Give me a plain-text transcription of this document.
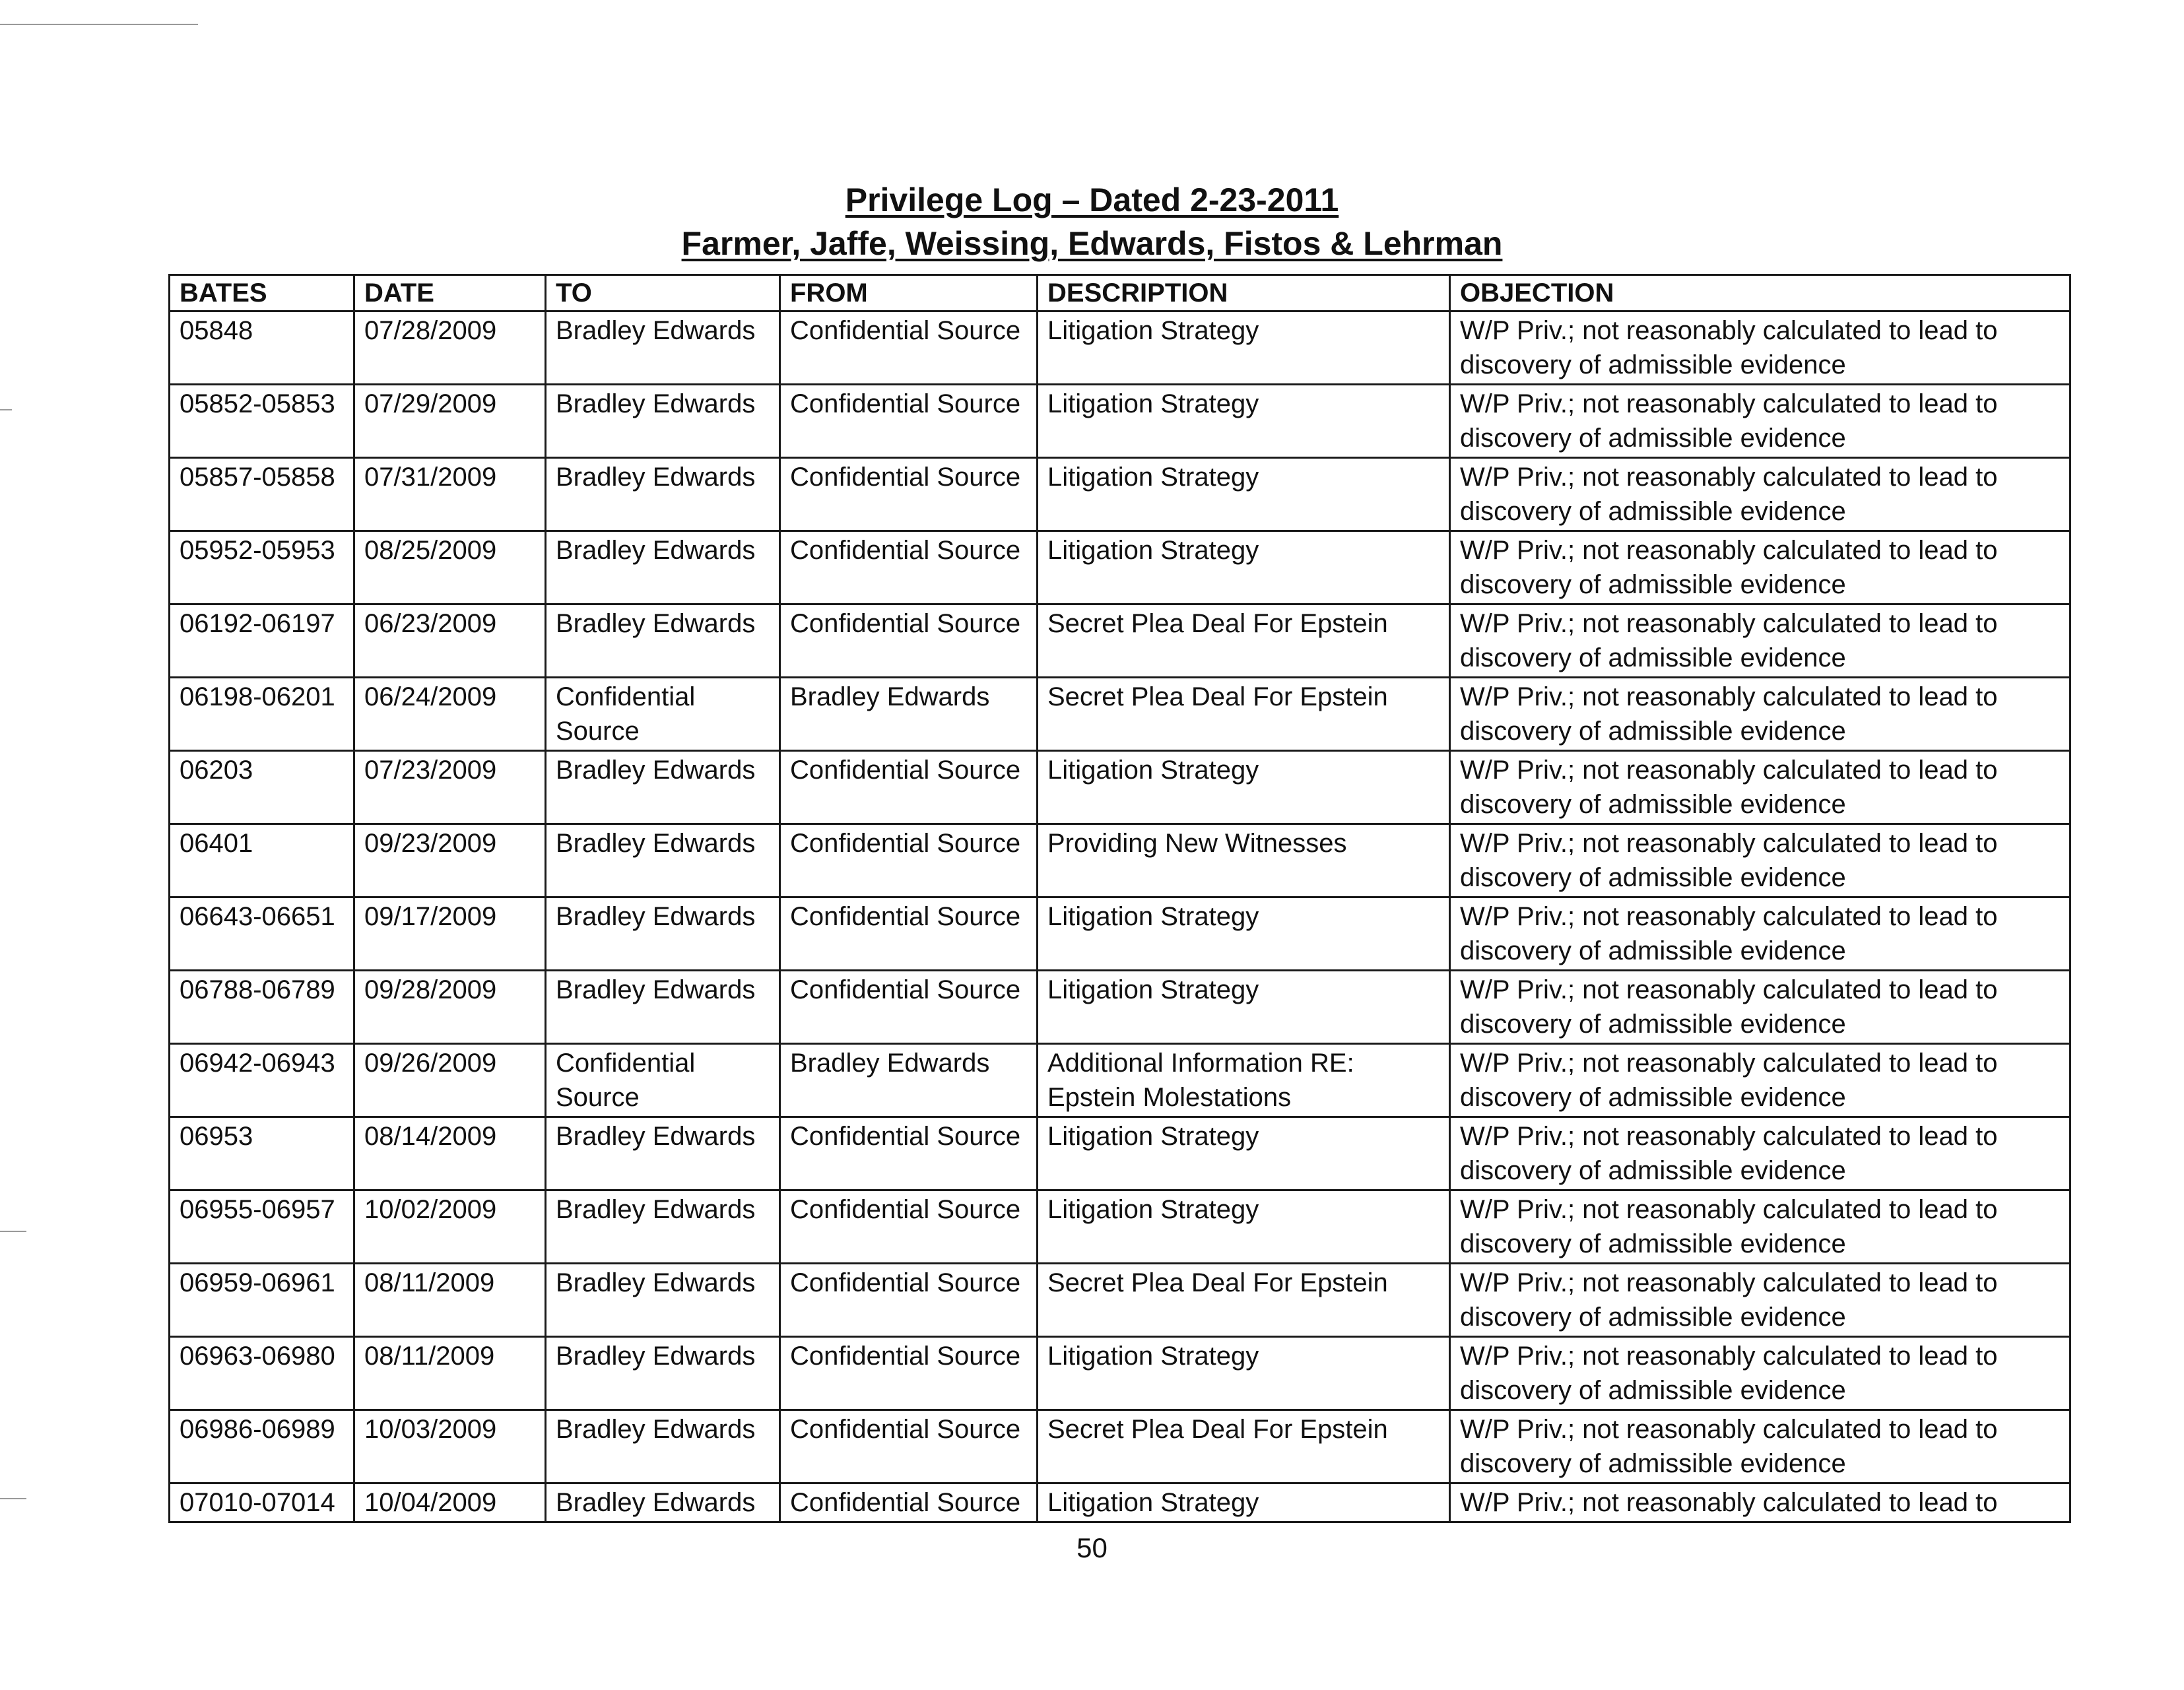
Privilege Log – Dated 2-23-2011
Farmer, Jaffe, Weissing, Edwards, Fistos & Lehrman
BATES	DATE	TO	FROM	DESCRIPTION	OBJECTION
05848	07/28/2009	Bradley Edwards	Confidential Source	Litigation Strategy	W/P Priv.; not reasonably calculated to lead to discovery of admissible evidence
05852-05853	07/29/2009	Bradley Edwards	Confidential Source	Litigation Strategy	W/P Priv.; not reasonably calculated to lead to discovery of admissible evidence
05857-05858	07/31/2009	Bradley Edwards	Confidential Source	Litigation Strategy	W/P Priv.; not reasonably calculated to lead to discovery of admissible evidence
05952-05953	08/25/2009	Bradley Edwards	Confidential Source	Litigation Strategy	W/P Priv.; not reasonably calculated to lead to discovery of admissible evidence
06192-06197	06/23/2009	Bradley Edwards	Confidential Source	Secret Plea Deal For Epstein	W/P Priv.; not reasonably calculated to lead to discovery of admissible evidence
06198-06201	06/24/2009	Confidential Source	Bradley Edwards	Secret Plea Deal For Epstein	W/P Priv.; not reasonably calculated to lead to discovery of admissible evidence
06203	07/23/2009	Bradley Edwards	Confidential Source	Litigation Strategy	W/P Priv.; not reasonably calculated to lead to discovery of admissible evidence
06401	09/23/2009	Bradley Edwards	Confidential Source	Providing New Witnesses	W/P Priv.; not reasonably calculated to lead to discovery of admissible evidence
06643-06651	09/17/2009	Bradley Edwards	Confidential Source	Litigation Strategy	W/P Priv.; not reasonably calculated to lead to discovery of admissible evidence
06788-06789	09/28/2009	Bradley Edwards	Confidential Source	Litigation Strategy	W/P Priv.; not reasonably calculated to lead to discovery of admissible evidence
06942-06943	09/26/2009	Confidential Source	Bradley Edwards	Additional Information RE: Epstein Molestations	W/P Priv.; not reasonably calculated to lead to discovery of admissible evidence
06953	08/14/2009	Bradley Edwards	Confidential Source	Litigation Strategy	W/P Priv.; not reasonably calculated to lead to discovery of admissible evidence
06955-06957	10/02/2009	Bradley Edwards	Confidential Source	Litigation Strategy	W/P Priv.; not reasonably calculated to lead to discovery of admissible evidence
06959-06961	08/11/2009	Bradley Edwards	Confidential Source	Secret Plea Deal For Epstein	W/P Priv.; not reasonably calculated to lead to discovery of admissible evidence
06963-06980	08/11/2009	Bradley Edwards	Confidential Source	Litigation Strategy	W/P Priv.; not reasonably calculated to lead to discovery of admissible evidence
06986-06989	10/03/2009	Bradley Edwards	Confidential Source	Secret Plea Deal For Epstein	W/P Priv.; not reasonably calculated to lead to discovery of admissible evidence
07010-07014	10/04/2009	Bradley Edwards	Confidential Source	Litigation Strategy	W/P Priv.; not reasonably calculated to lead to
50
